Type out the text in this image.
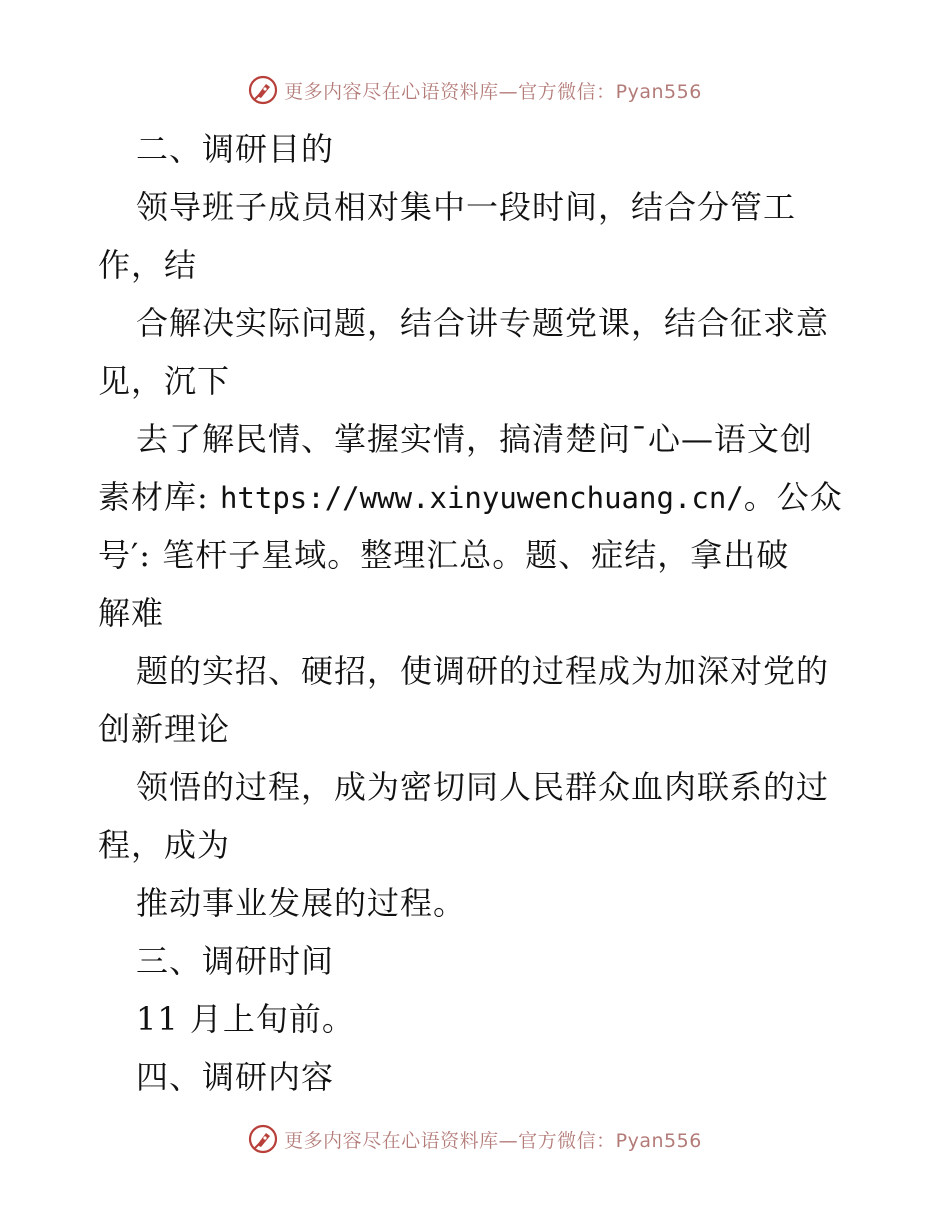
更多内容尽在心语资料库—官方微信：Pyan556
二、调研目的
领导班子成员相对集中一段时间，结合分管工
作，结
合解决实际问题，结合讲专题党课，结合征求意
见，沉下
去了解民情、掌握实情，搞清楚问¯心—语文创
素材库: https://www.xinyuwenchuang.cn/。公众
号′: 笔杆子星域。整理汇总。题、症结，拿出破
解难
题的实招、硬招，使调研的过程成为加深对党的
创新理论
领悟的过程，成为密切同人民群众血肉联系的过
程，成为
推动事业发展的过程。
三、调研时间
11 月上旬前。
四、调研内容
更多内容尽在心语资料库—官方微信：Pyan556
